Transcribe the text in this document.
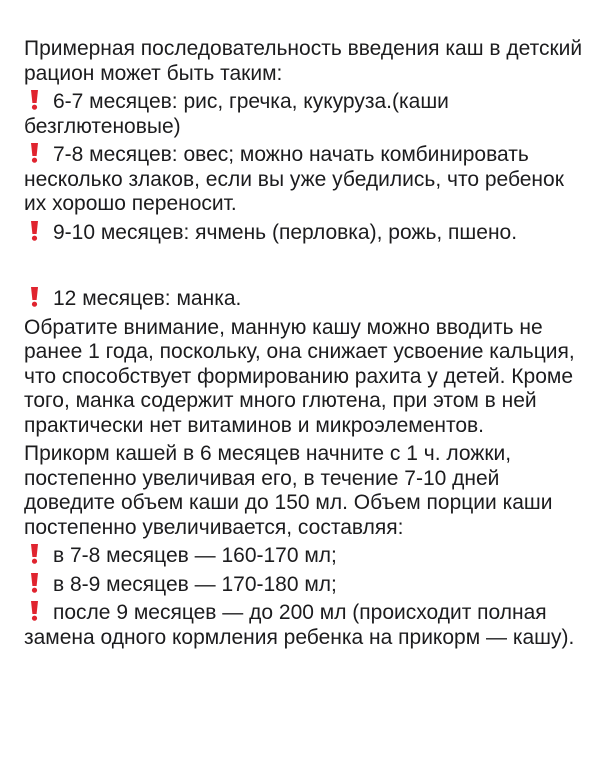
Примерная последовательность введения каш в детский рацион может быть таким:

6-7 месяцев: рис, гречка, кукуруза.(каши безглютеновые)
7-8 месяцев: овес; можно начать комбинировать несколько злаков, если вы уже убедились, что ребенок их хорошо переносит.
9-10 месяцев: ячмень (перловка), рожь, пшено.
12 месяцев: манка.

Обратите внимание, манную кашу можно вводить не ранее 1 года, поскольку, она снижает усвоение кальция, что способствует формированию рахита у детей. Кроме того, манка содержит много глютена, при этом в ней практически нет витаминов и микроэлементов.

Прикорм кашей в 6 месяцев начните с 1 ч. ложки, постепенно увеличивая его, в течение 7-10 дней доведите объем каши до 150 мл. Объем порции каши постепенно увеличивается, составляя:

в 7-8 месяцев — 160-170 мл;
в 8-9 месяцев — 170-180 мл;
после 9 месяцев — до 200 мл (происходит полная замена одного кормления ребенка на прикорм — кашу).
